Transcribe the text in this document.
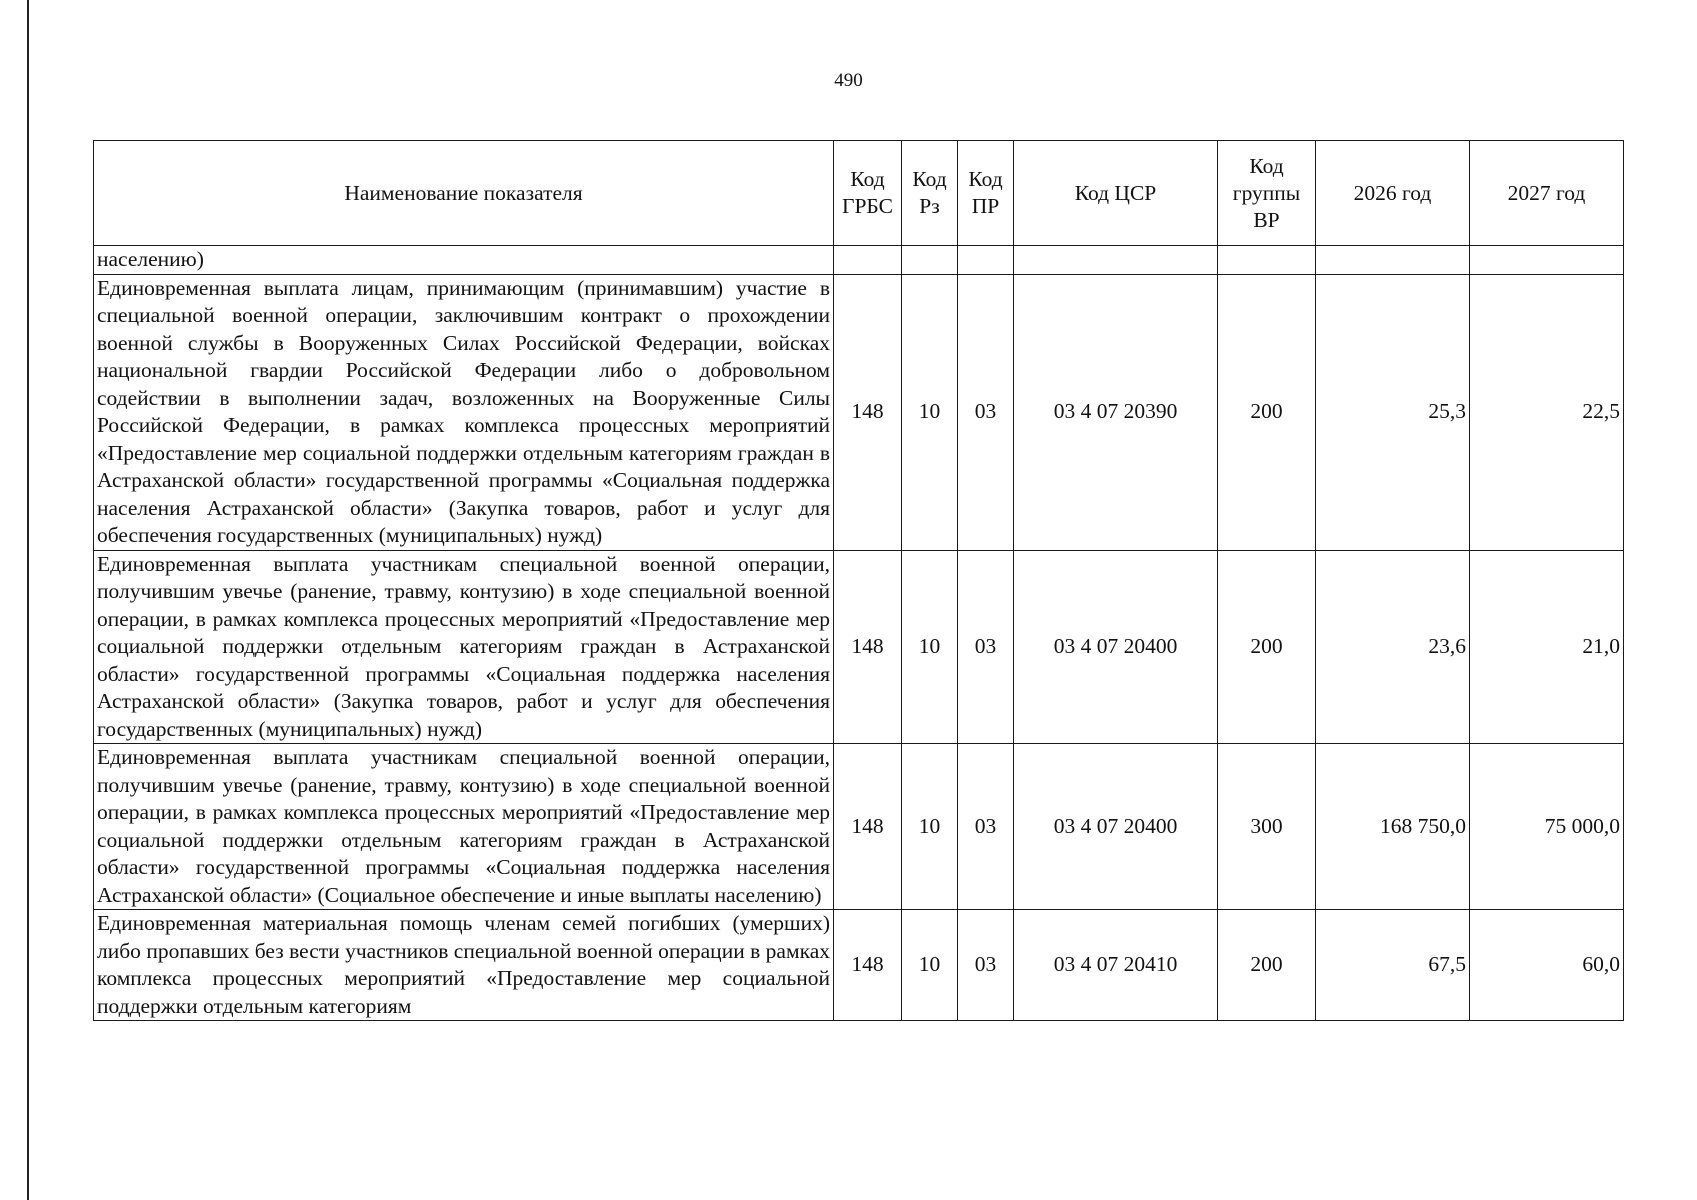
490
Наименование показателя	Код ГРБС	Код Рз	Код ПР	Код ЦСР	Код группы ВР	2026 год	2027 год
населению)							
Единовременная выплата лицам, принимающим (принимавшим) участие в специальной военной операции, заключившим контракт о прохождении военной службы в Вооруженных Силах Российской Федерации, войсках национальной гвардии Российской Федерации либо о добровольном содействии в выполнении задач, возложенных на Вооруженные Силы Российской Федерации, в рамках комплекса процессных мероприятий «Предоставление мер социальной поддержки отдельным категориям граждан в Астраханской области» государственной программы «Социальная поддержка населения Астраханской области» (Закупка товаров, работ и услуг для обеспечения государственных (муниципальных) нужд)	148	10	03	03 4 07 20390	200	25,3	22,5
Единовременная выплата участникам специальной военной операции, получившим увечье (ранение, травму, контузию) в ходе специальной военной операции, в рамках комплекса процессных мероприятий «Предоставление мер социальной поддержки отдельным категориям граждан в Астраханской области» государственной программы «Социальная поддержка населения Астраханской области» (Закупка товаров, работ и услуг для обеспечения государственных (муниципальных) нужд)	148	10	03	03 4 07 20400	200	23,6	21,0
Единовременная выплата участникам специальной военной операции, получившим увечье (ранение, травму, контузию) в ходе специальной военной операции, в рамках комплекса процессных мероприятий «Предоставление мер социальной поддержки отдельным категориям граждан в Астраханской области» государственной программы «Социальная поддержка населения Астраханской области» (Социальное обеспечение и иные выплаты населению)	148	10	03	03 4 07 20400	300	168 750,0	75 000,0
Единовременная материальная помощь членам семей погибших (умерших) либо пропавших без вести участников специальной военной операции в рамках комплекса процессных мероприятий «Предоставление мер социальной поддержки отдельным категориям	148	10	03	03 4 07 20410	200	67,5	60,0
